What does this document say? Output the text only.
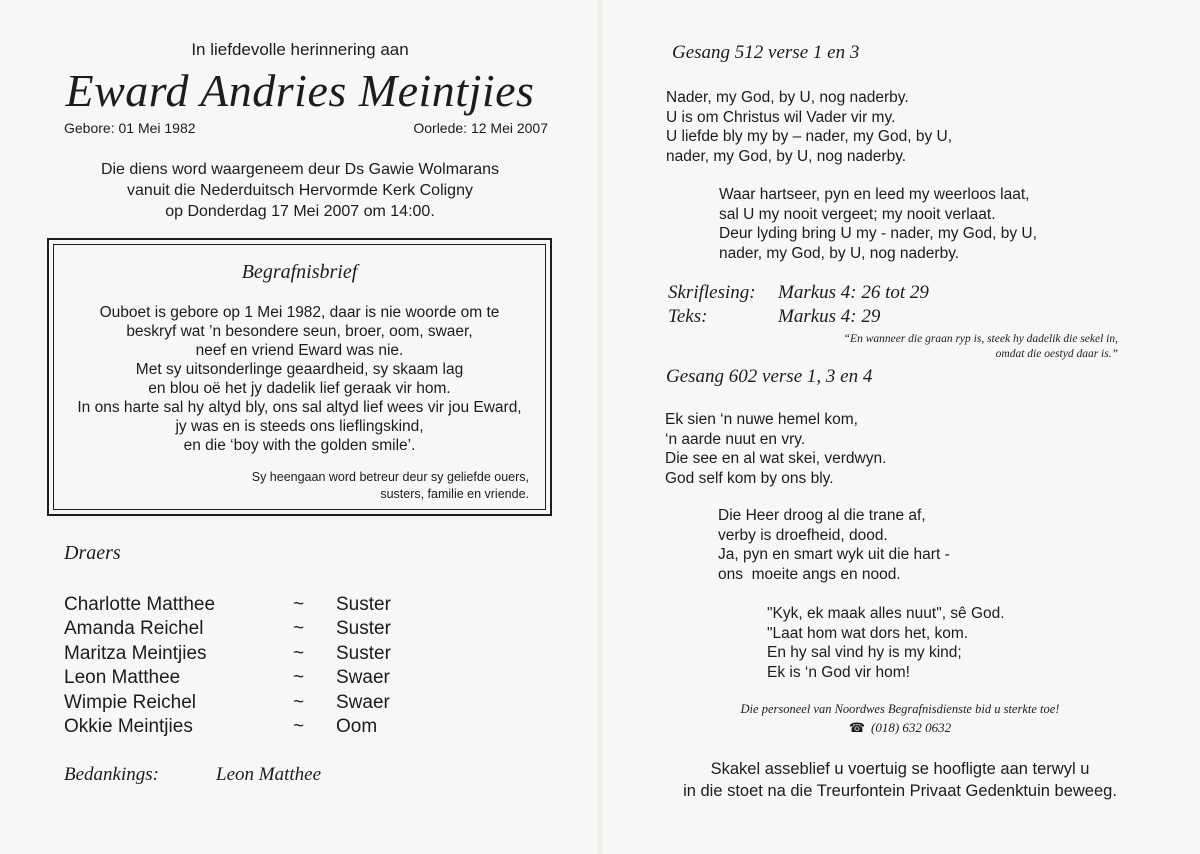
In liefdevolle herinnering aan
Eward Andries Meintjies
Gebore: 01 Mei 1982	Oorlede: 12 Mei 2007
Die diens word waargeneem deur Ds Gawie Wolmarans
vanuit die Nederduitsch Hervormde Kerk Coligny
op Donderdag 17 Mei 2007 om 14:00.
Begrafnisbrief
Ouboet is gebore op 1 Mei 1982, daar is nie woorde om te
beskryf wat ’n besondere seun, broer, oom, swaer,
neef en vriend Eward was nie.
Met sy uitsonderlinge geaardheid, sy skaam lag
en blou oë het jy dadelik lief geraak vir hom.
In ons harte sal hy altyd bly, ons sal altyd lief wees vir jou Eward,
jy was en is steeds ons lieflingskind,
en die ‘boy with the golden smile’.
Sy heengaan word betreur deur sy geliefde ouers,
susters, familie en vriende.
Draers
Charlotte Matthee	~ Suster
Amanda Reichel	~ Suster
Maritza Meintjies	~ Suster
Leon Matthee	~ Swaer
Wimpie Reichel	~ Swaer
Okkie Meintjies	~ Oom
Bedankings:	Leon Matthee
Gesang 512 verse 1 en 3
Nader, my God, by U, nog naderby.
U is om Christus wil Vader vir my.
U liefde bly my by – nader, my God, by U,
nader, my God, by U, nog naderby.
Waar hartseer, pyn en leed my weerloos laat,
sal U my nooit vergeet; my nooit verlaat.
Deur lyding bring U my - nader, my God, by U,
nader, my God, by U, nog naderby.
Skriflesing: Markus 4: 26 tot 29
Teks:	Markus 4: 29
“En wanneer die graan ryp is, steek hy dadelik die sekel in,
omdat die oestyd daar is.”
Gesang 602 verse 1, 3 en 4
Ek sien ‘n nuwe hemel kom,
‘n aarde nuut en vry.
Die see en al wat skei, verdwyn.
God self kom by ons bly.
Die Heer droog al die trane af,
verby is droefheid, dood.
Ja, pyn en smart wyk uit die hart -
ons  moeite angs en nood.
"Kyk, ek maak alles nuut", sê God.
"Laat hom wat dors het, kom.
En hy sal vind hy is my kind;
Ek is ‘n God vir hom!
Die personeel van Noordwes Begrafnisdienste bid u sterkte toe!
☎ (018) 632 0632
Skakel asseblief u voertuig se hoofligte aan terwyl u
in die stoet na die Treurfontein Privaat Gedenktuin beweeg.
